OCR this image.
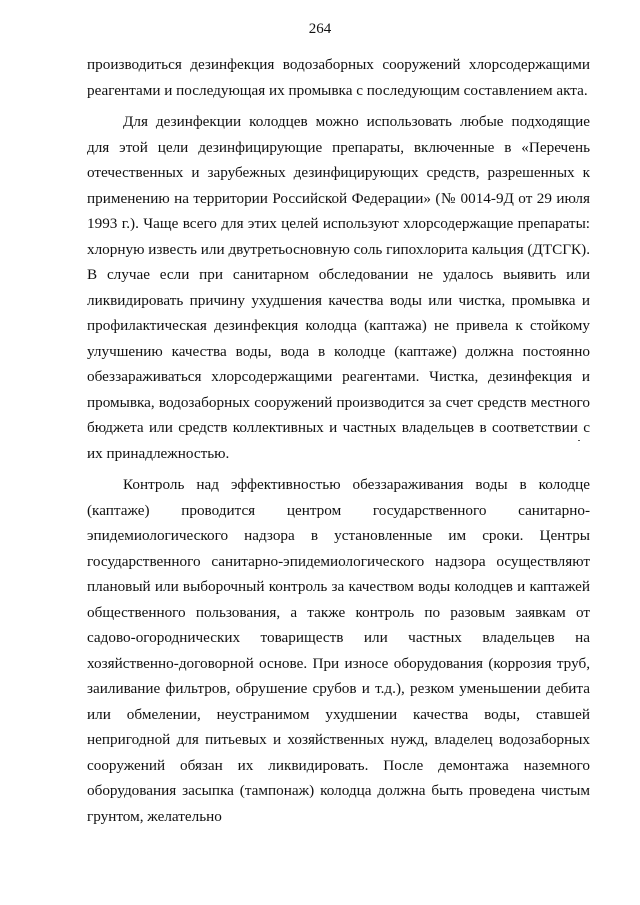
264

производиться дезинфекция водозаборных сооружений хлорсодержащими реагентами и последующая их промывка с последующим составлением акта.

Для дезинфекции колодцев можно использовать любые подходящие для этой цели дезинфицирующие препараты, включенные в «Перечень отечественных и зарубежных дезинфицирующих средств, разрешенных к применению на территории Российской Федерации» (№ 0014-9Д от 29 июля 1993 г.). Чаще всего для этих целей используют хлорсодержащие препараты: хлорную известь или двутретьосновную соль гипохлорита кальция (ДТСГК). В случае если при санитарном обследовании не удалось выявить или ликвидировать причину ухудшения качества воды или чистка, промывка и профилактическая дезинфекция колодца (каптажа) не привела к стойкому улучшению качества воды, вода в колодце (каптаже) должна постоянно обеззараживаться хлорсодержащими реагентами. Чистка, дезинфекция и промывка, водозаборных сооружений производится за счет средств местного бюджета или средств коллективных и частных владельцев в соответствии с их принадлежностью.

Контроль над эффективностью обеззараживания воды в колодце (каптаже) проводится центром государственного санитарно-эпидемиологического надзора в установленные им сроки. Центры государственного санитарно-эпидемиологического надзора осуществляют плановый или выборочный контроль за качеством воды колодцев и каптажей общественного пользования, а также контроль по разовым заявкам от садово-огороднических товариществ или частных владельцев на хозяйственно-договорной основе. При износе оборудования (коррозия труб, заиливание фильтров, обрушение срубов и т.д.), резком уменьшении дебита или обмелении, неустранимом ухудшении качества воды, ставшей непригодной для питьевых и хозяйственных нужд, владелец водозаборных сооружений обязан их ликвидировать. После демонтажа наземного оборудования засыпка (тампонаж) колодца должна быть проведена чистым грунтом, желательно
